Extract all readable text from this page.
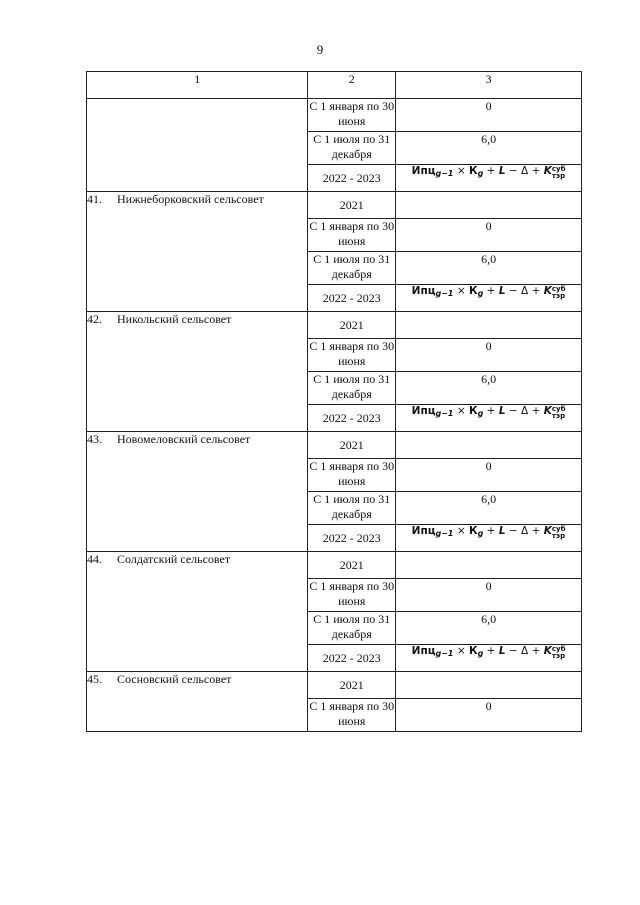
9
1	2	3
	С 1 января по 30 июня	0
	С 1 июля по 31 декабря	6,0
	2022 - 2023	Ипцg−1 × Кg + L − Δ + K суб
тэр

41. Нижнеборковский сельсовет	2021	
	С 1 января по 30 июня	0
	С 1 июля по 31 декабря	6,0
	2022 - 2023	Ипцg−1 × Кg + L − Δ + K суб
тэр

42. Никольский сельсовет	2021	
	С 1 января по 30 июня	0
	С 1 июля по 31 декабря	6,0
	2022 - 2023	Ипцg−1 × Кg + L − Δ + K суб
тэр

43. Новомеловский сельсовет	2021	
	С 1 января по 30 июня	0
	С 1 июля по 31 декабря	6,0
	2022 - 2023	Ипцg−1 × Кg + L − Δ + K суб
тэр

44. Солдатский сельсовет	2021	
	С 1 января по 30 июня	0
	С 1 июля по 31 декабря	6,0
	2022 - 2023	Ипцg−1 × Кg + L − Δ + K суб
тэр

45. Сосновский сельсовет	2021	
	С 1 января по 30 июня	0
